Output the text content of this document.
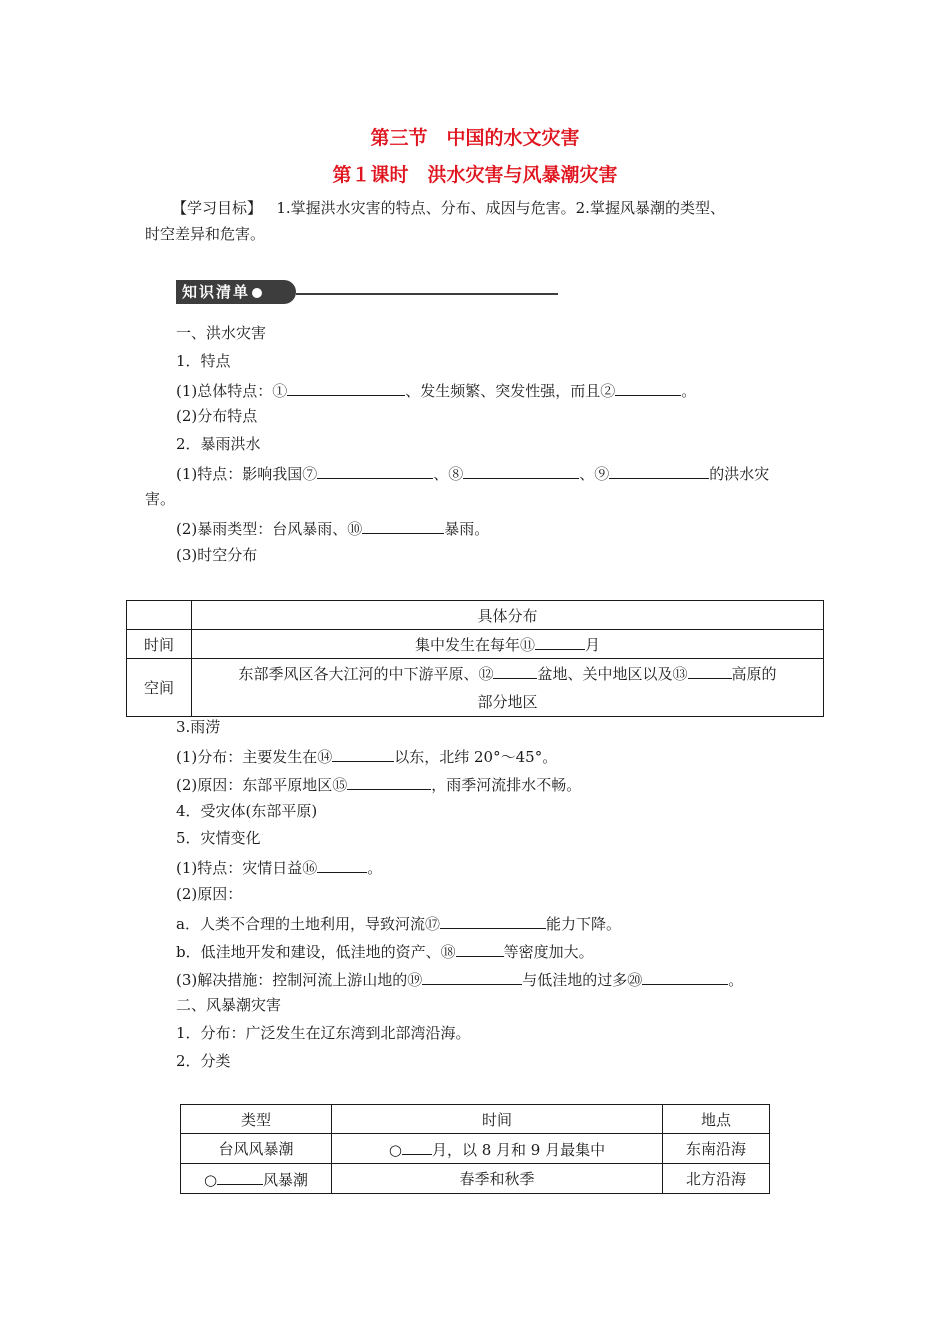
第三节　中国的水文灾害
第１课时　洪水灾害与风暴潮灾害
【学习目标】 1.掌握洪水灾害的特点、分布、成因与危害。2.掌握风暴潮的类型、
时空差异和危害。
知识清单
一、洪水灾害
1．特点
(1)总体特点：①	、发生频繁、突发性强，而且②	。
(2)分布特点
2．暴雨洪水
(1)特点：影响我国⑦	、⑧	、⑨	的洪水灾
害。
(2)暴雨类型：台风暴雨、⑩	暴雨。
(3)时空分布
	具体分布
时间	集中发生在每年⑪ 月
空间	东部季风区各大江河的中下游平原、⑫ 盆地、关中地区以及⑬ 高原的
部分地区
3.雨涝
(1)分布：主要发生在⑭	以东，北纬 20°～45°。
(2)原因：东部平原地区⑮	，雨季河流排水不畅。
4．受灾体(东部平原)
5．灾情变化
(1)特点：灾情日益⑯	。
(2)原因：
a．人类不合理的土地利用，导致河流⑰	能力下降。
b．低洼地开发和建设，低洼地的资产、⑱	等密度加大。
(3)解决措施：控制河流上游山地的⑲	与低洼地的过多⑳	。
二、风暴潮灾害
1．分布：广泛发生在辽东湾到北部湾沿海。
2．分类
类型	时间	地点
台风风暴潮	○ 月，以 8 月和 9 月最集中	东南沿海
○ 风暴潮	春季和秋季	北方沿海
